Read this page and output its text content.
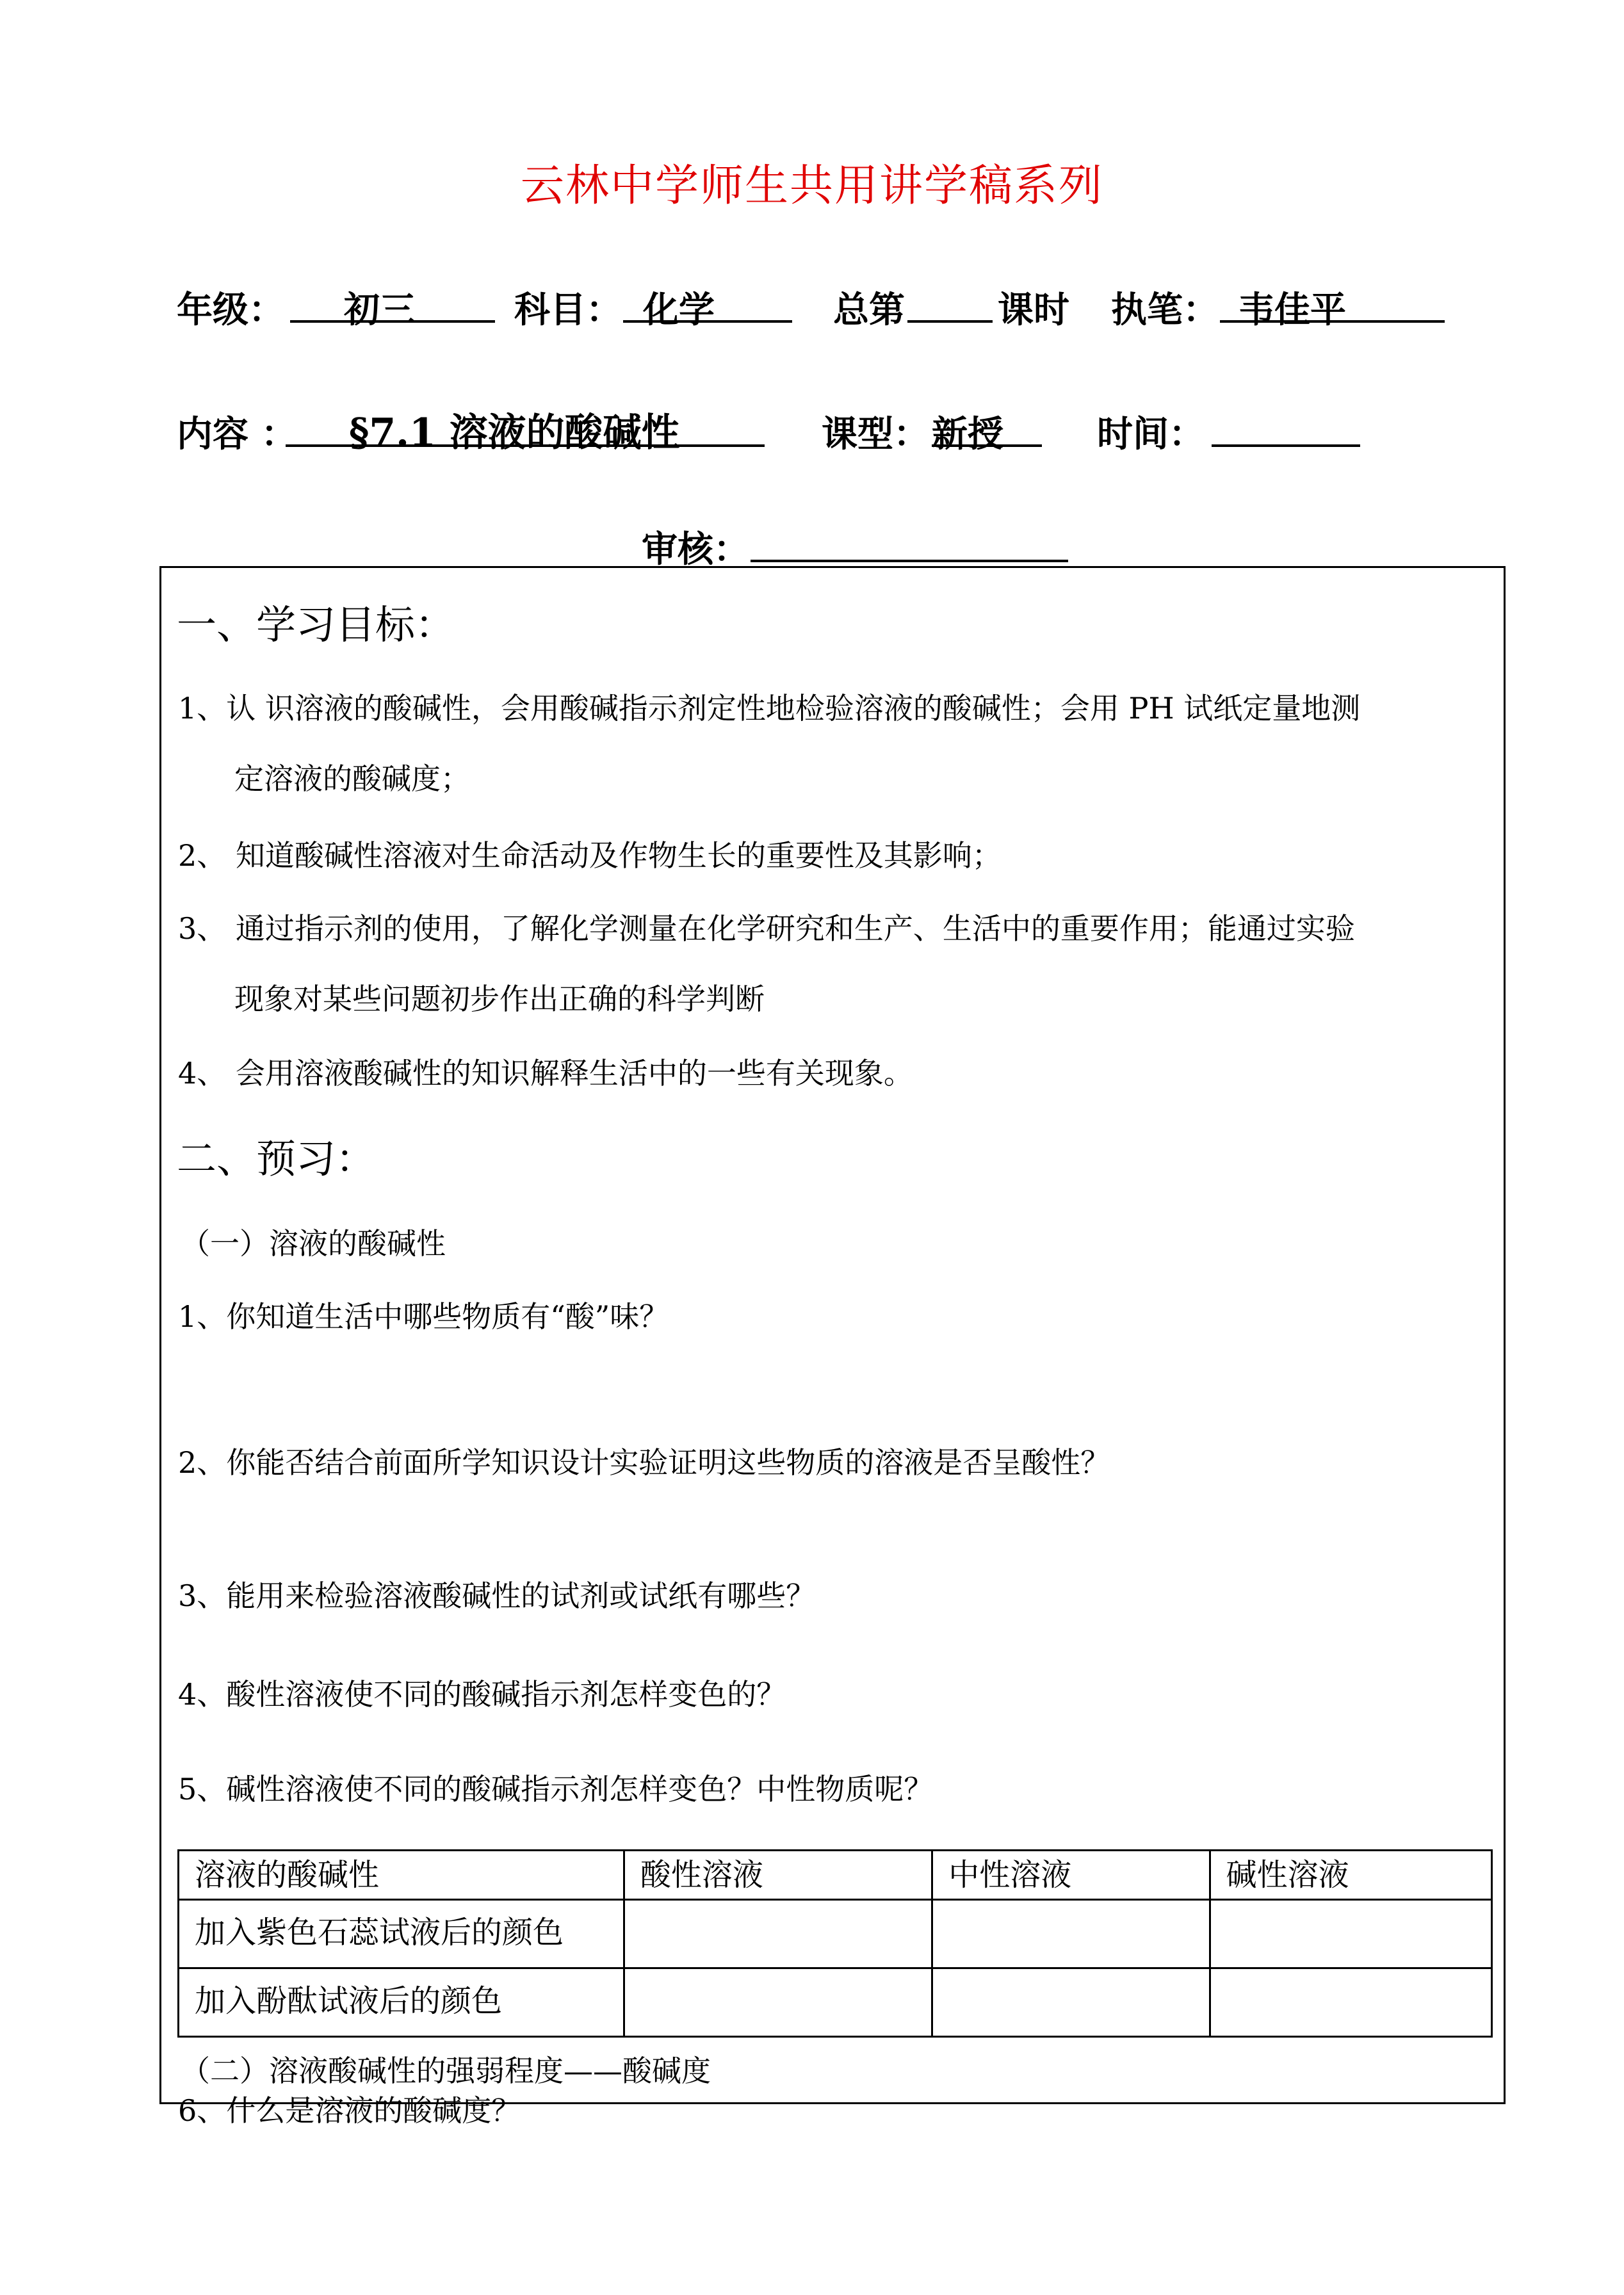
云林中学师生共用讲学稿系列
年级： 初三	科目： 化学	总第	课时 执笔： 韦佳平
内容 ： §7.1 溶液的酸碱性	课型： 新授	时间：
审核：
一、学习目标：
1、认 识溶液的酸碱性，会用酸碱指示剂定性地检验溶液的酸碱性；会用 PH 试纸定量地测
定溶液的酸碱度；
2、 知道酸碱性溶液对生命活动及作物生长的重要性及其影响；
3、 通过指示剂的使用，了解化学测量在化学研究和生产、生活中的重要作用；能通过实验
现象对某些问题初步作出正确的科学判断
4、 会用溶液酸碱性的知识解释生活中的一些有关现象。
二、预习：
（一）溶液的酸碱性
1、你知道生活中哪些物质有“酸”味？
2、你能否结合前面所学知识设计实验证明这些物质的溶液是否呈酸性？
3、能用来检验溶液酸碱性的试剂或试纸有哪些？
4、酸性溶液使不同的酸碱指示剂怎样变色的？
5、碱性溶液使不同的酸碱指示剂怎样变色？中性物质呢？
溶液的酸碱性	酸性溶液	中性溶液	碱性溶液
加入紫色石蕊试液后的颜色			
加入酚酞试液后的颜色			
（二）溶液酸碱性的强弱程度——酸碱度
6、什么是溶液的酸碱度？
